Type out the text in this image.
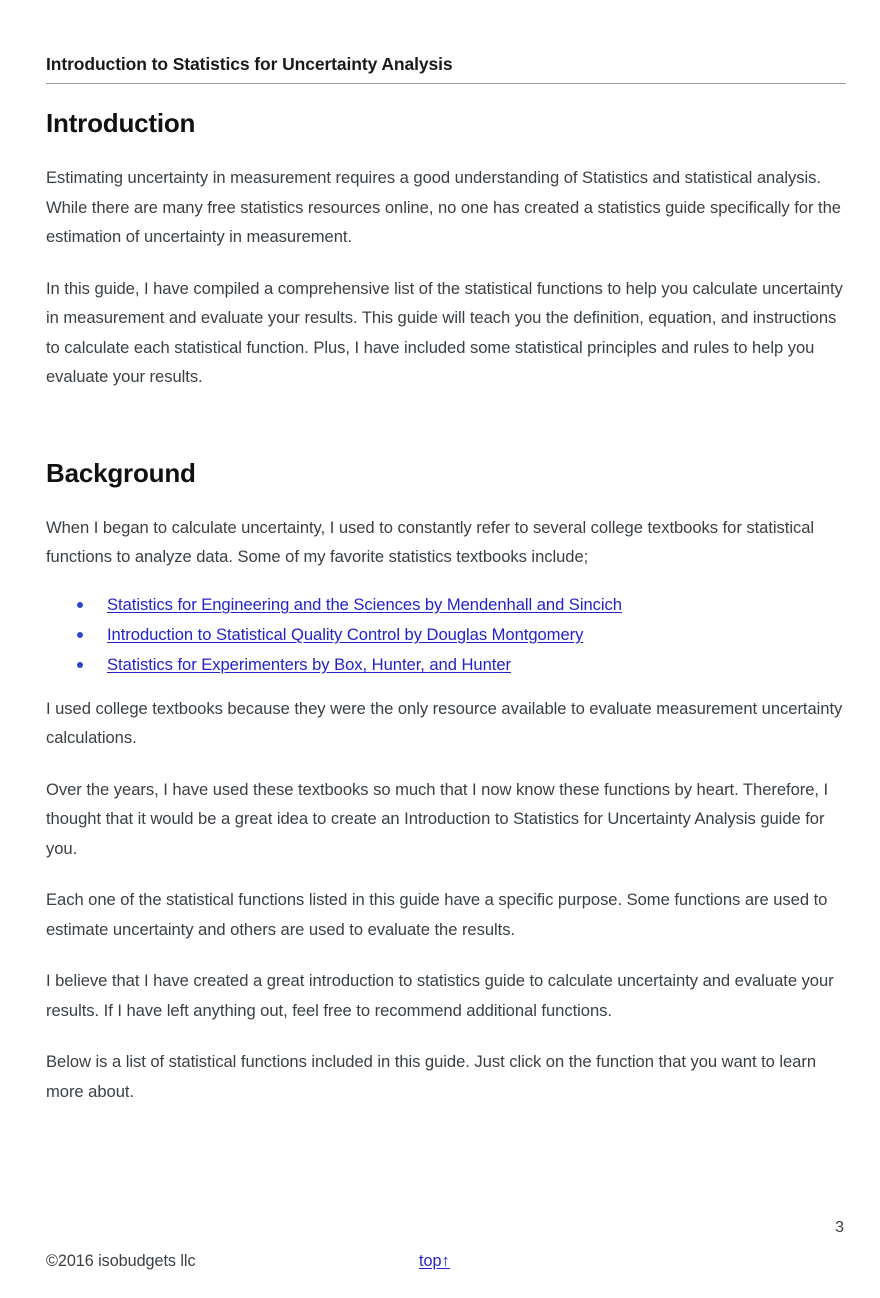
Introduction to Statistics for Uncertainty Analysis
Introduction

Estimating uncertainty in measurement requires a good understanding of Statistics and statistical analysis. While there are many free statistics resources online, no one has created a statistics guide specifically for the estimation of uncertainty in measurement.

In this guide, I have compiled a comprehensive list of the statistical functions to help you calculate uncertainty in measurement and evaluate your results. This guide will teach you the definition, equation, and instructions to calculate each statistical function. Plus, I have included some statistical principles and rules to help you evaluate your results.

Background

When I began to calculate uncertainty, I used to constantly refer to several college textbooks for statistical functions to analyze data. Some of my favorite statistics textbooks include;

Statistics for Engineering and the Sciences by Mendenhall and Sincich
Introduction to Statistical Quality Control by Douglas Montgomery
Statistics for Experimenters by Box, Hunter, and Hunter

I used college textbooks because they were the only resource available to evaluate measurement uncertainty calculations.

Over the years, I have used these textbooks so much that I now know these functions by heart. Therefore, I thought that it would be a great idea to create an Introduction to Statistics for Uncertainty Analysis guide for you.

Each one of the statistical functions listed in this guide have a specific purpose. Some functions are used to estimate uncertainty and others are used to evaluate the results.

I believe that I have created a great introduction to statistics guide to calculate uncertainty and evaluate your results. If I have left anything out, feel free to recommend additional functions.

Below is a list of statistical functions included in this guide. Just click on the function that you want to learn more about.

3
©2016 isobudgets llc	top↑
